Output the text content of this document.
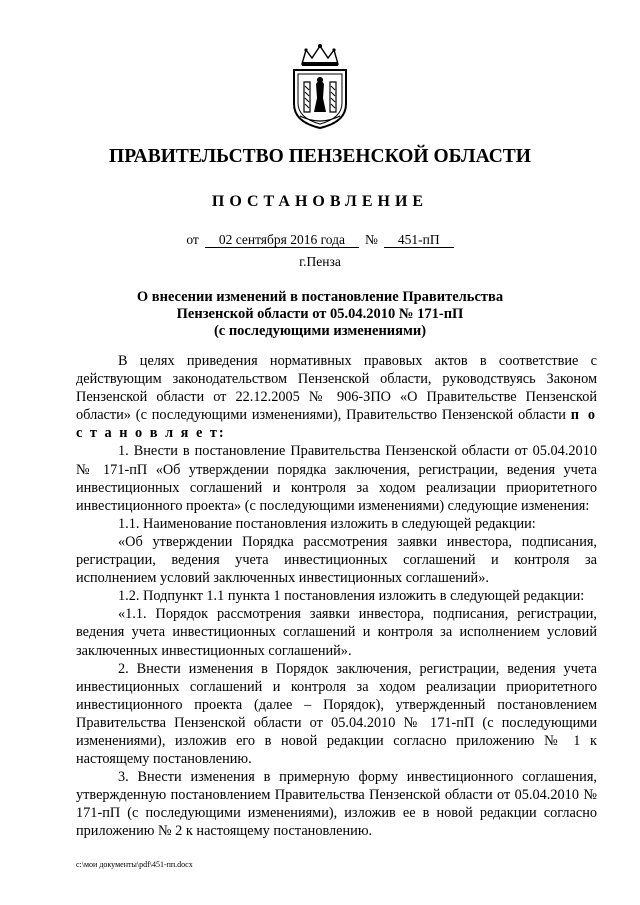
ПРАВИТЕЛЬСТВО ПЕНЗЕНСКОЙ ОБЛАСТИ
ПОСТАНОВЛЕНИЕ
от 02 сентября 2016 года № 451-пП
г.Пенза
О внесении изменений в постановление Правительства
Пензенской области от 05.04.2010 № 171-пП
(с последующими изменениями)

В целях приведения нормативных правовых актов в соответствие с действующим законодательством Пензенской области, руководствуясь Законом Пензенской области от 22.12.2005 № 906-ЗПО «О Правительстве Пензенской области» (с последующими изменениями), Правительство Пензенской области п о с т а н о в л я е т:

1. Внести в постановление Правительства Пензенской области от 05.04.2010 № 171-пП «Об утверждении порядка заключения, регистрации, ведения учета инвестиционных соглашений и контроля за ходом реализации приоритетного инвестиционного проекта» (с последующими изменениями) следующие изменения:

1.1. Наименование постановления изложить в следующей редакции:

«Об утверждении Порядка рассмотрения заявки инвестора, подписания, регистрации, ведения учета инвестиционных соглашений и контроля за исполнением условий заключенных инвестиционных соглашений».

1.2. Подпункт 1.1 пункта 1 постановления изложить в следующей редакции:

«1.1. Порядок рассмотрения заявки инвестора, подписания, регистрации, ведения учета инвестиционных соглашений и контроля за исполнением условий заключенных инвестиционных соглашений».

2. Внести изменения в Порядок заключения, регистрации, ведения учета инвестиционных соглашений и контроля за ходом реализации приоритетного инвестиционного проекта (далее – Порядок), утвержденный постановлением Правительства Пензенской области от 05.04.2010 № 171-пП (с последующими изменениями), изложив его в новой редакции согласно приложению № 1 к настоящему постановлению.

3. Внести изменения в примерную форму инвестиционного соглашения, утвержденную постановлением Правительства Пензенской области от 05.04.2010 № 171-пП (с последующими изменениями), изложив ее в новой редакции согласно приложению № 2 к настоящему постановлению.

c:\мои документы\pdf\451-пп.docx
